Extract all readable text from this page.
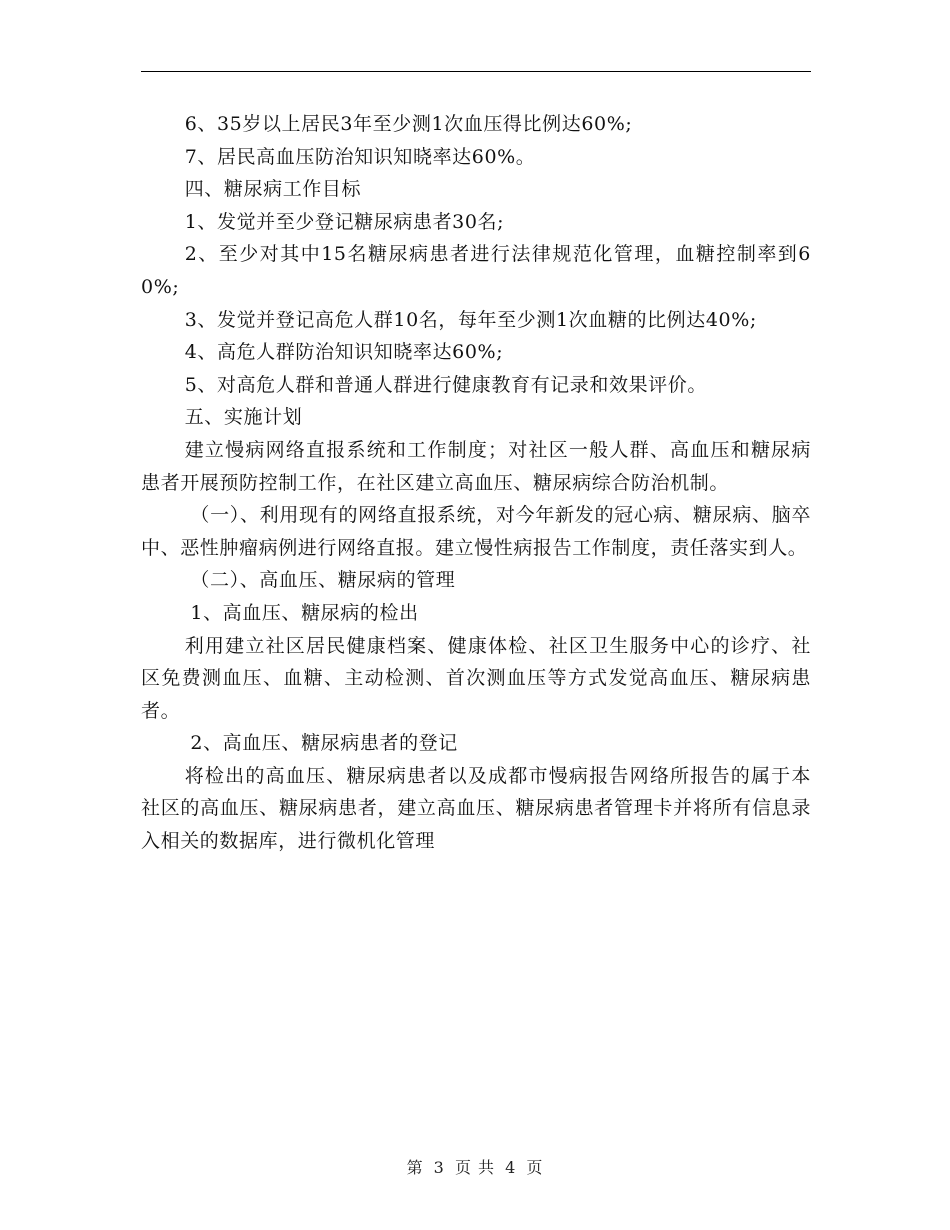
6、35岁以上居民3年至少测1次血压得比例达60%;

7、居民高血压防治知识知晓率达60%。

四、糖尿病工作目标

1、发觉并至少登记糖尿病患者30名;

2、至少对其中15名糖尿病患者进行法律规范化管理，血糖控制率到60%;

3、发觉并登记高危人群10名，每年至少测1次血糖的比例达40%;

4、高危人群防治知识知晓率达60%;

5、对高危人群和普通人群进行健康教育有记录和效果评价。

五、实施计划

建立慢病网络直报系统和工作制度；对社区一般人群、高血压和糖尿病患者开展预防控制工作，在社区建立高血压、糖尿病综合防治机制。

（一）、利用现有的网络直报系统，对今年新发的冠心病、糖尿病、脑卒中、恶性肿瘤病例进行网络直报。建立慢性病报告工作制度，责任落实到人。

（二）、高血压、糖尿病的管理

1、高血压、糖尿病的检出

利用建立社区居民健康档案、健康体检、社区卫生服务中心的诊疗、社区免费测血压、血糖、主动检测、首次测血压等方式发觉高血压、糖尿病患者。

2、高血压、糖尿病患者的登记

将检出的高血压、糖尿病患者以及成都市慢病报告网络所报告的属于本社区的高血压、糖尿病患者，建立高血压、糖尿病患者管理卡并将所有信息录入相关的数据库，进行微机化管理

第 3 页 共 4 页
